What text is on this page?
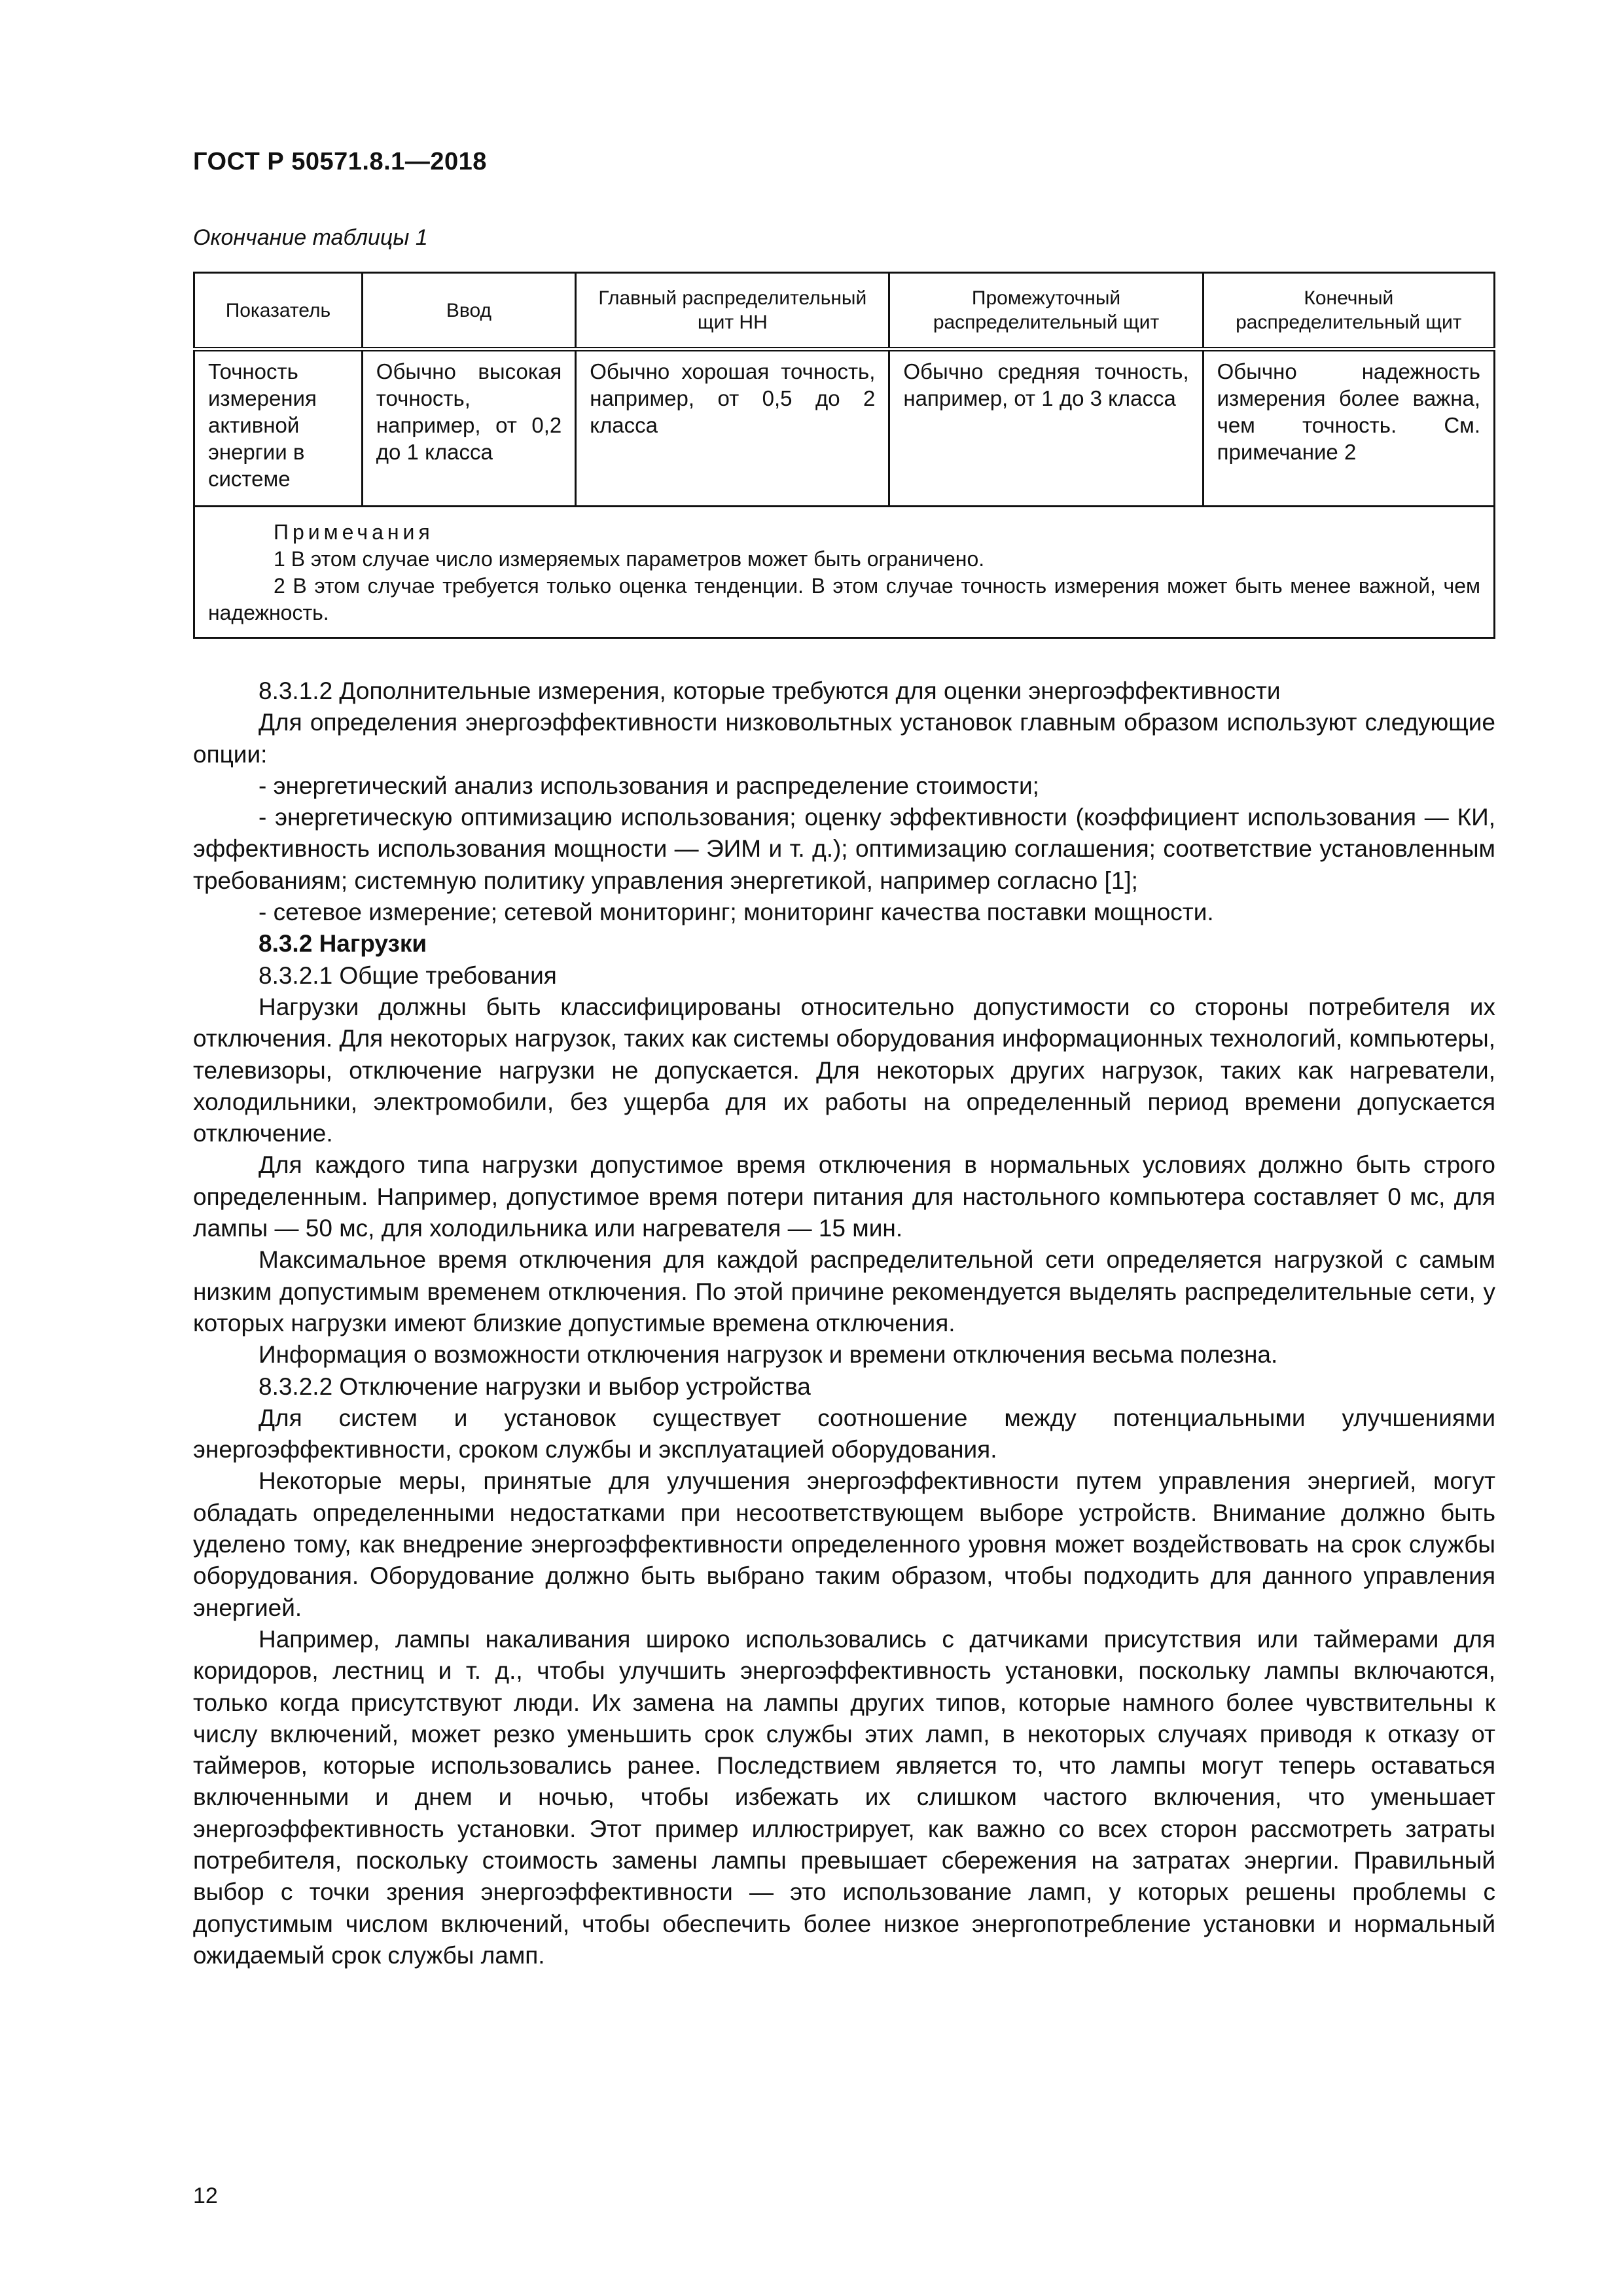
ГОСТ Р 50571.8.1—2018
Окончание таблицы 1
Показатель	Ввод	Главный распределительный щит НН	Промежуточный распределительный щит	Конечный распределительный щит
Точность измерения активной энергии в системе	Обычно высокая точность, например, от 0,2 до 1 класса	Обычно хорошая точность, например, от 0,5 до 2 класса	Обычно средняя точность, например, от 1 до 3 класса	Обычно надежность измерения более важна, чем точность. См. примечание 2

Примечания
1 В этом случае число измеряемых параметров может быть ограничено.
2 В этом случае требуется только оценка тенденции. В этом случае точность измерения может быть менее важной, чем надежность.				

8.3.1.2 Дополнительные измерения, которые требуются для оценки энергоэффективности

Для определения энергоэффективности низковольтных установок главным образом используют следующие опции:

- энергетический анализ использования и распределение стоимости;

- энергетическую оптимизацию использования; оценку эффективности (коэффициент использования — КИ, эффективность использования мощности — ЭИМ и т. д.); оптимизацию соглашения; соответствие установленным требованиям; системную политику управления энергетикой, например согласно [1];

- сетевое измерение; сетевой мониторинг; мониторинг качества поставки мощности.

8.3.2 Нагрузки

8.3.2.1 Общие требования

Нагрузки должны быть классифицированы относительно допустимости со стороны потребителя их отключения. Для некоторых нагрузок, таких как системы оборудования информационных технологий, компьютеры, телевизоры, отключение нагрузки не допускается. Для некоторых других нагрузок, таких как нагреватели, холодильники, электромобили, без ущерба для их работы на определенный период времени допускается отключение.

Для каждого типа нагрузки допустимое время отключения в нормальных условиях должно быть строго определенным. Например, допустимое время потери питания для настольного компьютера составляет 0 мс, для лампы — 50 мс, для холодильника или нагревателя — 15 мин.

Максимальное время отключения для каждой распределительной сети определяется нагрузкой с самым низким допустимым временем отключения. По этой причине рекомендуется выделять распределительные сети, у которых нагрузки имеют близкие допустимые времена отключения.

Информация о возможности отключения нагрузок и времени отключения весьма полезна.

8.3.2.2 Отключение нагрузки и выбор устройства

Для систем и установок существует соотношение между потенциальными улучшениями энергоэффективности, сроком службы и эксплуатацией оборудования.

Некоторые меры, принятые для улучшения энергоэффективности путем управления энергией, могут обладать определенными недостатками при несоответствующем выборе устройств. Внимание должно быть уделено тому, как внедрение энергоэффективности определенного уровня может воздействовать на срок службы оборудования. Оборудование должно быть выбрано таким образом, чтобы подходить для данного управления энергией.

Например, лампы накаливания широко использовались с датчиками присутствия или таймерами для коридоров, лестниц и т. д., чтобы улучшить энергоэффективность установки, поскольку лампы включаются, только когда присутствуют люди. Их замена на лампы других типов, которые намного более чувствительны к числу включений, может резко уменьшить срок службы этих ламп, в некоторых случаях приводя к отказу от таймеров, которые использовались ранее. Последствием является то, что лампы могут теперь оставаться включенными и днем и ночью, чтобы избежать их слишком частого включения, что уменьшает энергоэффективность установки. Этот пример иллюстрирует, как важно со всех сторон рассмотреть затраты потребителя, поскольку стоимость замены лампы превышает сбережения на затратах энергии. Правильный выбор с точки зрения энергоэффективности — это использование ламп, у которых решены проблемы с допустимым числом включений, чтобы обеспечить более низкое энергопотребление установки и нормальный ожидаемый срок службы ламп.

12
